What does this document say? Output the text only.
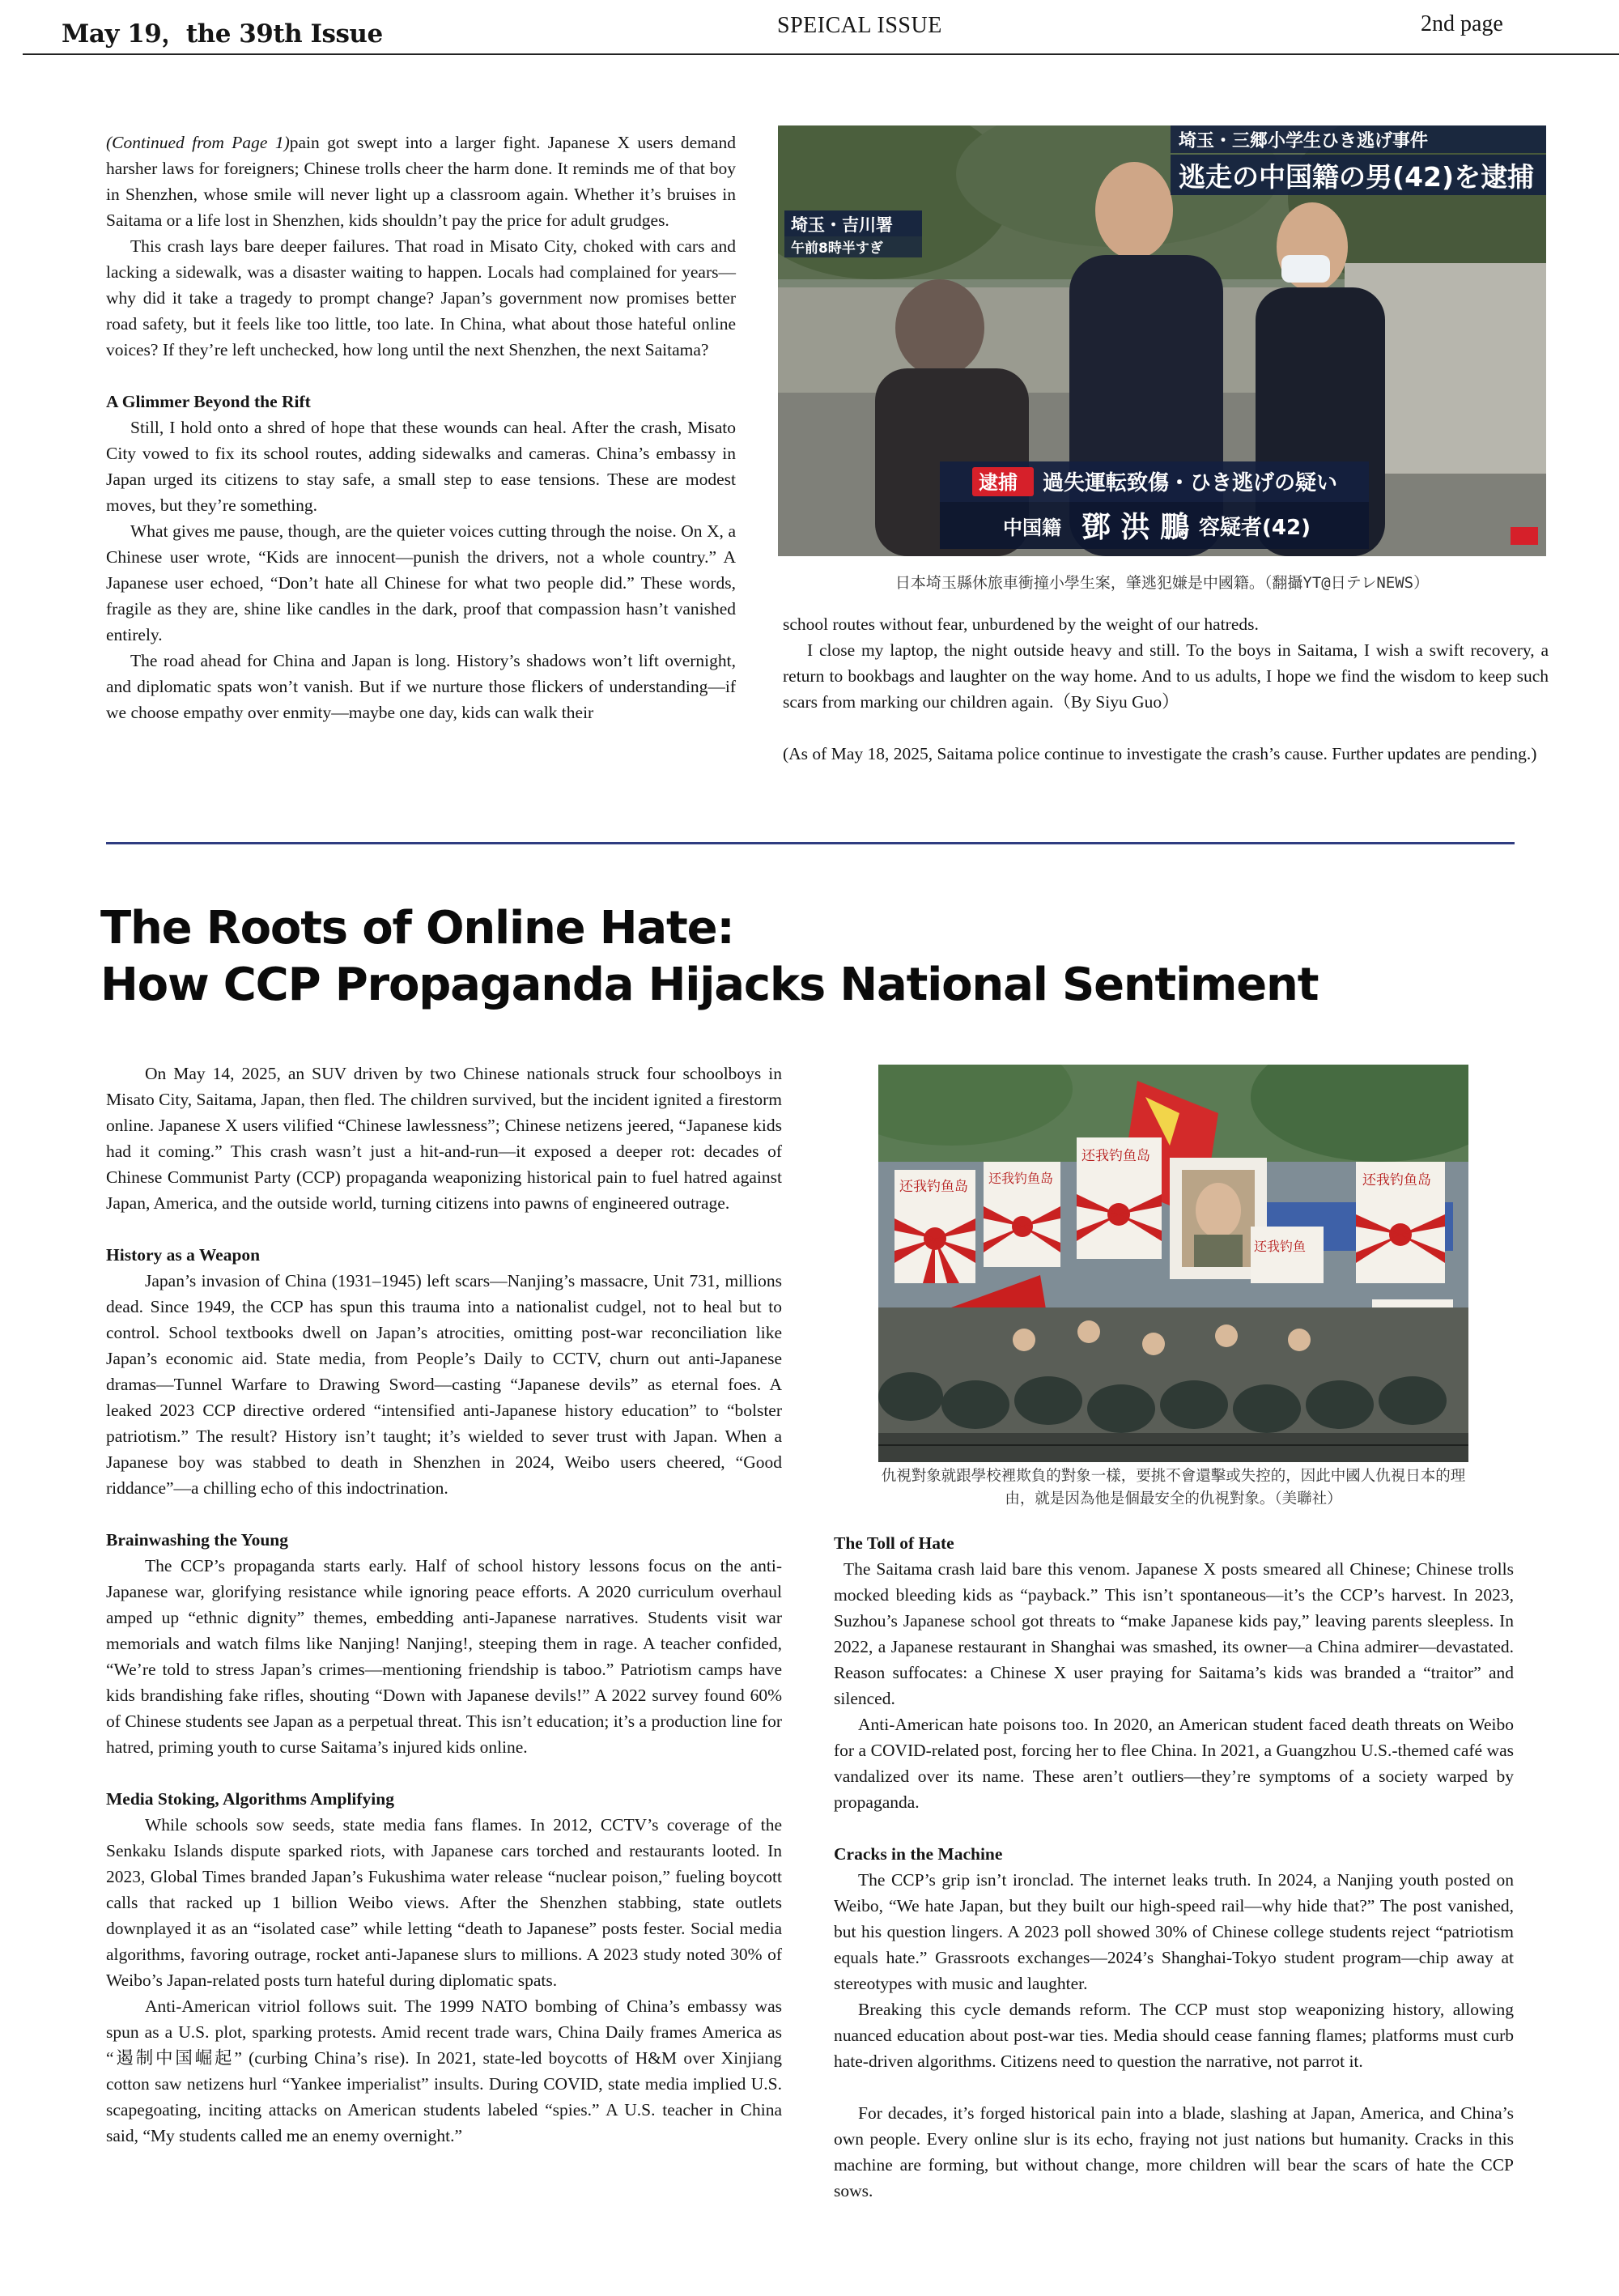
May 19，the 39th Issue	SPEICAL ISSUE	2nd page

(Continued from Page 1)pain got swept into a larger fight. Japanese X users demand harsher laws for foreigners; Chinese trolls cheer the harm done. It reminds me of that boy in Shenzhen, whose smile will never light up a classroom again. Whether it’s bruises in Saitama or a life lost in Shenzhen, kids shouldn’t pay the price for adult grudges.

This crash lays bare deeper failures. That road in Misato City, choked with cars and lacking a sidewalk, was a disaster waiting to happen. Locals had complained for years—why did it take a tragedy to prompt change? Japan’s government now promises better road safety, but it feels like too little, too late. In China, what about those hateful online voices? If they’re left unchecked, how long until the next Shenzhen, the next Saitama?

A Glimmer Beyond the Rift

Still, I hold onto a shred of hope that these wounds can heal. After the crash, Misato City vowed to fix its school routes, adding sidewalks and cameras. China’s embassy in Japan urged its citizens to stay safe, a small step to ease tensions. These are modest moves, but they’re something.

What gives me pause, though, are the quieter voices cutting through the noise. On X, a Chinese user wrote, “Kids are innocent—punish the drivers, not a whole country.” A Japanese user echoed, “Don’t hate all Chinese for what two people did.” These words, fragile as they are, shine like candles in the dark, proof that compassion hasn’t vanished entirely.

The road ahead for China and Japan is long. History’s shadows won’t lift overnight, and diplomatic spats won’t vanish. But if we nurture those flickers of understanding—if we choose empathy over enmity—maybe one day, kids can walk their

埼玉・三郷小学生ひき逃げ事件
逃走の中国籍の男(42)を逮捕
埼玉・吉川署
午前8時半すぎ
逮捕 過失運転致傷・ひき逃げの疑い
中国籍 鄧 洪 鵬 容疑者(42)
日本埼玉縣休旅車衝撞小學生案，肇逃犯嫌是中國籍。（翻攝YT@日テレNEWS）

school routes without fear, unburdened by the weight of our hatreds.

I close my laptop, the night outside heavy and still. To the boys in Saitama, I wish a swift recovery, a return to bookbags and laughter on the way home. And to us adults, I hope we find the wisdom to keep such scars from marking our children again.（By Siyu Guo）

(As of May 18, 2025, Saitama police continue to investigate the crash’s cause. Further updates are pending.)

The Roots of Online Hate:
How CCP Propaganda Hijacks National Sentiment

On May 14, 2025, an SUV driven by two Chinese nationals struck four schoolboys in Misato City, Saitama, Japan, then fled. The children survived, but the incident ignited a firestorm online. Japanese X users vilified “Chinese lawlessness”; Chinese netizens jeered, “Japanese kids had it coming.” This crash wasn’t just a hit-and-run—it exposed a deeper rot: decades of Chinese Communist Party (CCP) propaganda weaponizing historical pain to fuel hatred against Japan, America, and the outside world, turning citizens into pawns of engineered outrage.

History as a Weapon

Japan’s invasion of China (1931–1945) left scars—Nanjing’s massacre, Unit 731, millions dead. Since 1949, the CCP has spun this trauma into a nationalist cudgel, not to heal but to control. School textbooks dwell on Japan’s atrocities, omitting post-war reconciliation like Japan’s economic aid. State media, from People’s Daily to CCTV, churn out anti-Japanese dramas—Tunnel Warfare to Drawing Sword—casting “Japanese devils” as eternal foes. A leaked 2023 CCP directive ordered “intensified anti-Japanese history education” to “bolster patriotism.” The result? History isn’t taught; it’s wielded to sever trust with Japan. When a Japanese boy was stabbed to death in Shenzhen in 2024, Weibo users cheered, “Good riddance”—a chilling echo of this indoctrination.

Brainwashing the Young

The CCP’s propaganda starts early. Half of school history lessons focus on the anti-Japanese war, glorifying resistance while ignoring peace efforts. A 2020 curriculum overhaul amped up “ethnic dignity” themes, embedding anti-Japanese narratives. Students visit war memorials and watch films like Nanjing! Nanjing!, steeping them in rage. A teacher confided, “We’re told to stress Japan’s crimes—mentioning friendship is taboo.” Patriotism camps have kids brandishing fake rifles, shouting “Down with Japanese devils!” A 2022 survey found 60% of Chinese students see Japan as a perpetual threat. This isn’t education; it’s a production line for hatred, priming youth to curse Saitama’s injured kids online.

Media Stoking, Algorithms Amplifying

While schools sow seeds, state media fans flames. In 2012, CCTV’s coverage of the Senkaku Islands dispute sparked riots, with Japanese cars torched and restaurants looted. In 2023, Global Times branded Japan’s Fukushima water release “nuclear poison,” fueling boycott calls that racked up 1 billion Weibo views. After the Shenzhen stabbing, state outlets downplayed it as an “isolated case” while letting “death to Japanese” posts fester. Social media algorithms, favoring outrage, rocket anti-Japanese slurs to millions. A 2023 study noted 30% of Weibo’s Japan-related posts turn hateful during diplomatic spats.

Anti-American vitriol follows suit. The 1999 NATO bombing of China’s embassy was spun as a U.S. plot, sparking protests. Amid recent trade wars, China Daily frames America as “遏制中国崛起” (curbing China’s rise). In 2021, state-led boycotts of H&M over Xinjiang cotton saw netizens hurl “Yankee imperialist” insults. During COVID, state media implied U.S. scapegoating, inciting attacks on American students labeled “spies.” A U.S. teacher in China said, “My students called me an enemy overnight.”

还我钓鱼岛
还我钓鱼岛
还我钓鱼岛
还我钓鱼岛
还我钓鱼
仇視對象就跟學校裡欺負的對象一樣，要挑不會還擊或失控的，因此中國人仇視日本的理由，就是因為他是個最安全的仇視對象。（美聯社）

The Toll of Hate

The Saitama crash laid bare this venom. Japanese X posts smeared all Chinese; Chinese trolls mocked bleeding kids as “payback.” This isn’t spontaneous—it’s the CCP’s harvest. In 2023, Suzhou’s Japanese school got threats to “make Japanese kids pay,” leaving parents sleepless. In 2022, a Japanese restaurant in Shanghai was smashed, its owner—a China admirer—devastated. Reason suffocates: a Chinese X user praying for Saitama’s kids was branded a “traitor” and silenced.

Anti-American hate poisons too. In 2020, an American student faced death threats on Weibo for a COVID-related post, forcing her to flee China. In 2021, a Guangzhou U.S.-themed café was vandalized over its name. These aren’t outliers—they’re symptoms of a society warped by propaganda.

Cracks in the Machine

The CCP’s grip isn’t ironclad. The internet leaks truth. In 2024, a Nanjing youth posted on Weibo, “We hate Japan, but they built our high-speed rail—why hide that?” The post vanished, but his question lingers. A 2023 poll showed 30% of Chinese college students reject “patriotism equals hate.” Grassroots exchanges—2024’s Shanghai-Tokyo student program—chip away at stereotypes with music and laughter.

Breaking this cycle demands reform. The CCP must stop weaponizing history, allowing nuanced education about post-war ties. Media should cease fanning flames; platforms must curb hate-driven algorithms. Citizens need to question the narrative, not parrot it.

For decades, it’s forged historical pain into a blade, slashing at Japan, America, and China’s own people. Every online slur is its echo, fraying not just nations but humanity. Cracks in this machine are forming, but without change, more children will bear the scars of hate the CCP sows.
